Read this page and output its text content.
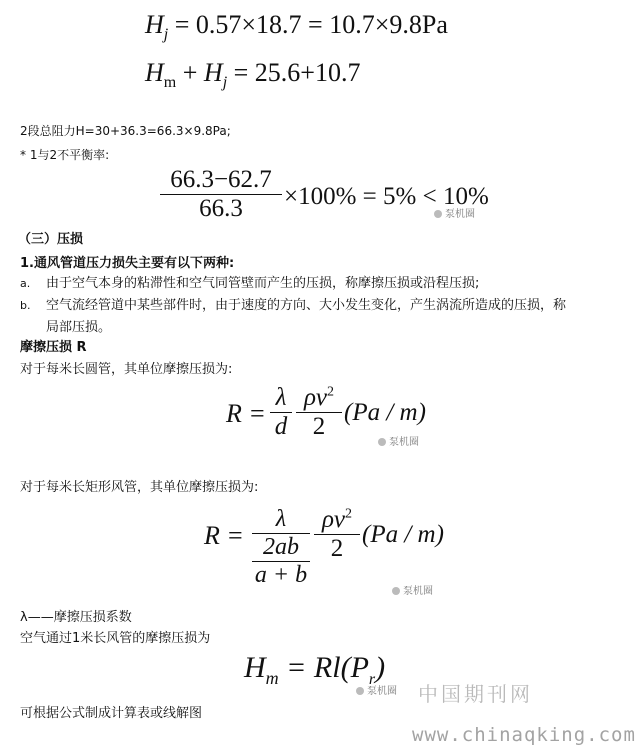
$H_j = 0.57\times 18.7 = 10.7\times 9.8Pa$
$H_m + H_j = 25.6+10.7$
2段总阻力H=30+36.3=66.3×9.8Pa;
* 1与2不平衡率:
66.3−62.7
66.3 ×100% = 5% < 10%
泵机圈
（三）压损
1.通风管道压力损失主要有以下两种:
a. 由于空气本身的粘滞性和空气同管壁而产生的压损，称摩擦压损或沿程压损;
b. 空气流经管道中某些部件时，由于速度的方向、大小发生变化，产生涡流所造成的压损，称
局部压损。
摩擦压损 R
对于每米长圆管，其单位摩擦压损为:
R =
λ
d
$\rho v^2$
2
(Pa / m)
泵机圈
对于每米长矩形风管，其单位摩擦压损为:
R =
λ
$\frac{2ab}{a + b}$
$\rho v^2$
2
(Pa / m)
泵机圈
λ——摩擦压损系数
空气通过1米长风管的摩擦压损为
$H_m = Rl(P_r)$
泵机圈 中国期刊网
可根据公式制成计算表或线解图
www.chinaqking.com
